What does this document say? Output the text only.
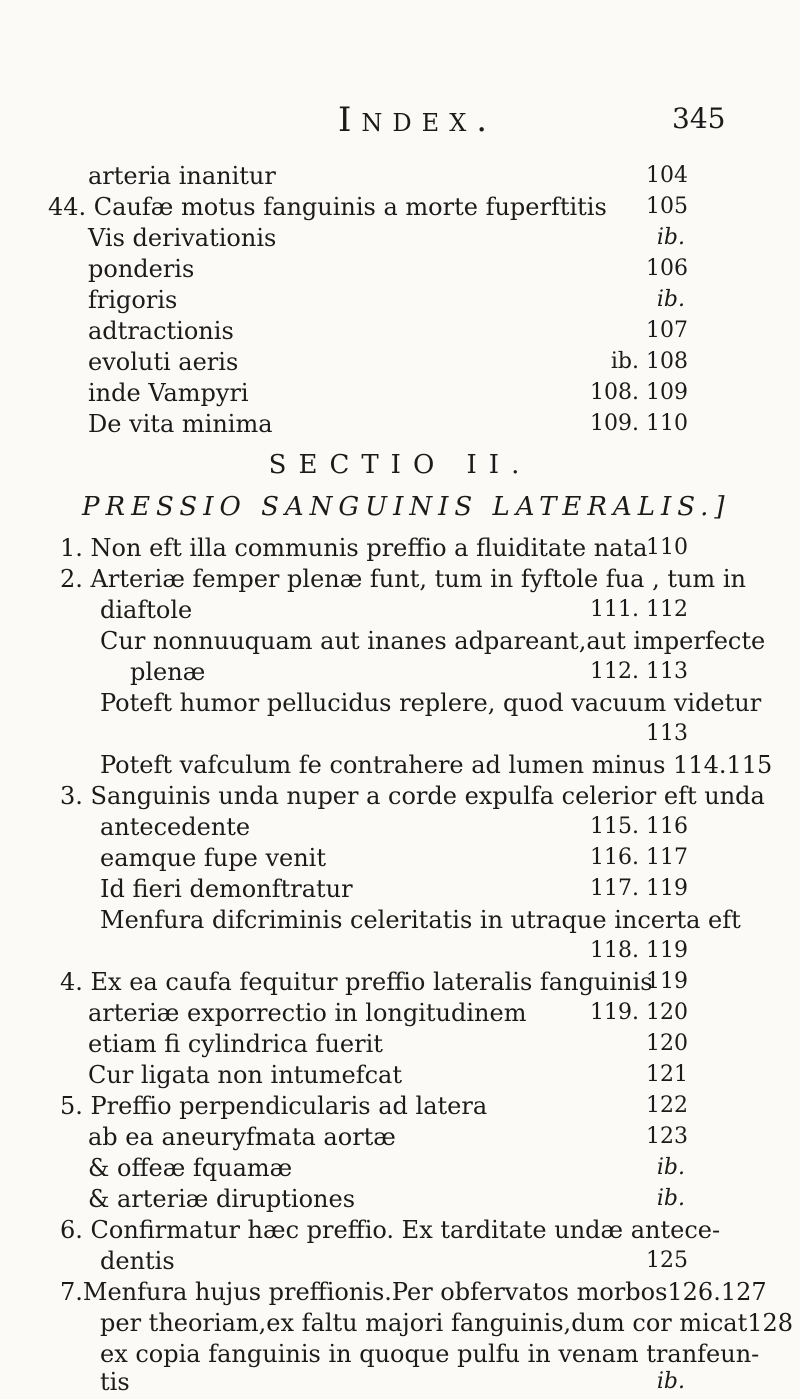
Index.	345
arteria inanitur	104
44. Caufæ motus fanguinis a morte fuperftitis 105
Vis derivationis	ib.
ponderis	106
frigoris	ib.
adtractionis	107
evoluti aeris	ib. 108
inde Vampyri	108. 109
De vita minima	109. 110
SECTIO II.
PRESSIO SANGUINIS LATERALIS.]
1. Non eft illa communis preffio a fluiditate nata
110
2. Arteriæ femper plenæ funt, tum in fyftole fua , tum in
diaftole	111. 112
Cur nonnuuquam aut inanes adpareant,aut imperfecte
plenæ	112. 113
Poteft humor pellucidus replere, quod vacuum videtur
113
Poteft vafculum fe contrahere ad lumen minus 114.115
3. Sanguinis unda nuper a corde expulfa celerior eft unda
antecedente	115. 116
eamque fupe venit	116. 117
Id fieri demonftratur	117. 119
Menfura difcriminis celeritatis in utraque incerta eft
118. 119
4. Ex ea caufa fequitur preffio lateralis fanguinis
119
arteriæ exporrectio in longitudinem	119. 120
etiam fi cylindrica fuerit	120
Cur ligata non intumefcat	121
5. Preffio perpendicularis ad latera	122
ab ea aneuryfmata aortæ	123
& offeæ fquamæ	ib.
& arteriæ diruptiones	ib.
6. Confirmatur hæc preffio. Ex tarditate undæ antece-
dentis	125
7.Menfura hujus preffionis.Per obfervatos morbos126.127
per theoriam,ex faltu majori fanguinis,dum cor micat128
ex copia fanguinis in quoque pulfu in venam tranfeun-
tis	ib.
